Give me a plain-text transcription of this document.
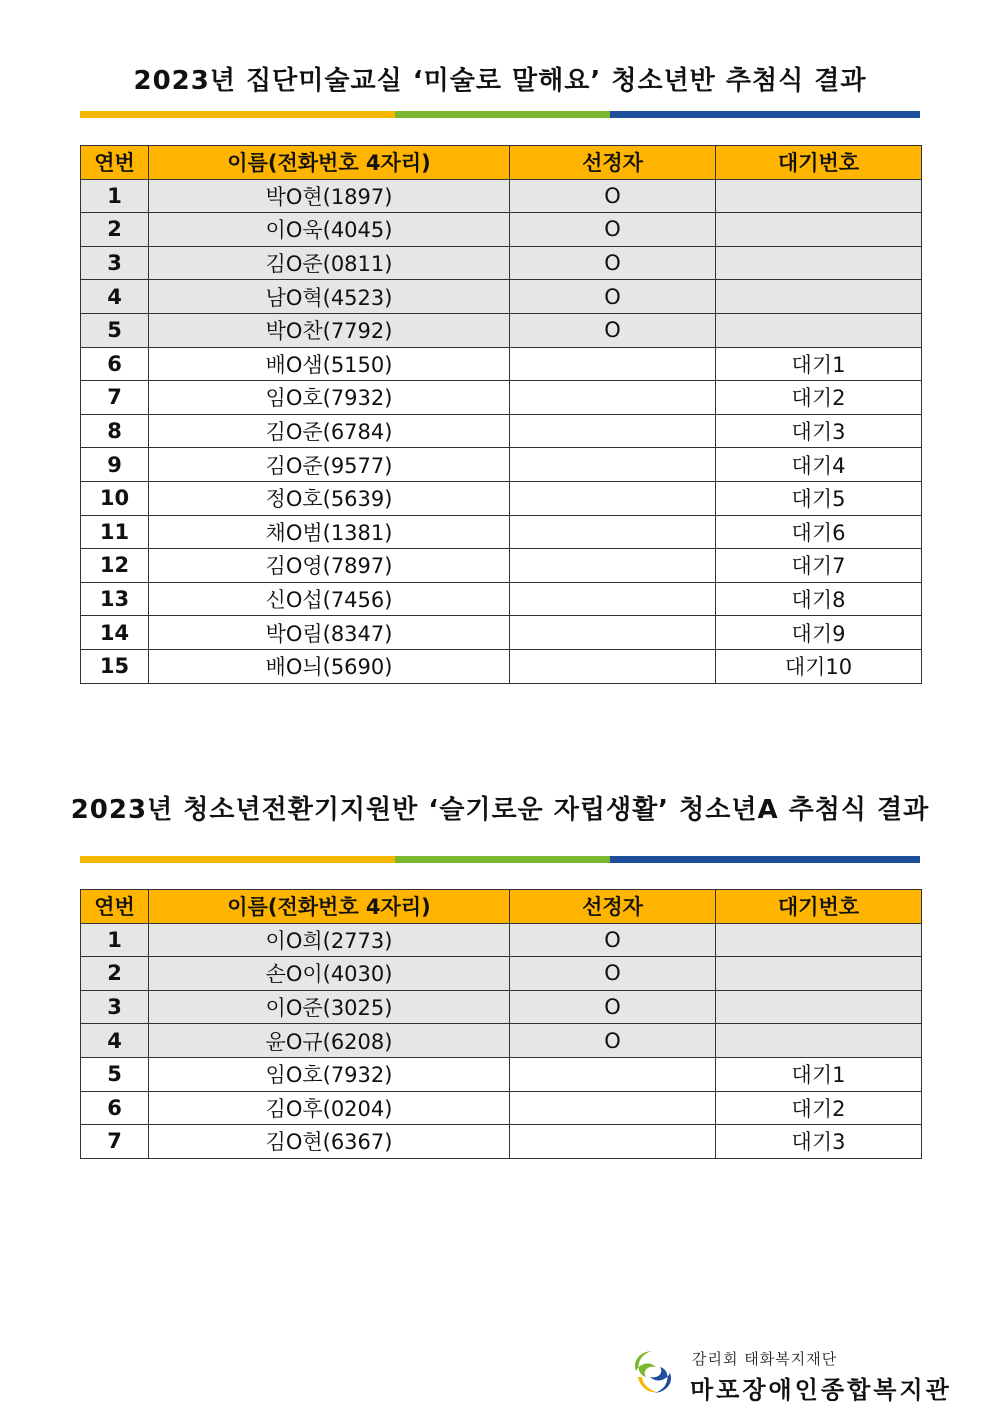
2023년 집단미술교실 ‘미술로 말해요’ 청소년반 추첨식 결과
연번	이름(전화번호 4자리)	선정자	대기번호
1	박O현(1897)	O	
2	이O욱(4045)	O	
3	김O준(0811)	O	
4	남O혁(4523)	O	
5	박O찬(7792)	O	
6	배O샘(5150)		대기1
7	임O호(7932)		대기2
8	김O준(6784)		대기3
9	김O준(9577)		대기4
10	정O호(5639)		대기5
11	채O범(1381)		대기6
12	김O영(7897)		대기7
13	신O섭(7456)		대기8
14	박O림(8347)		대기9
15	배O늬(5690)		대기10
2023년 청소년전환기지원반 ‘슬기로운 자립생활’ 청소년A 추첨식 결과
연번	이름(전화번호 4자리)	선정자	대기번호
1	이O희(2773)	O	
2	손O이(4030)	O	
3	이O준(3025)	O	
4	윤O규(6208)	O	
5	임O호(7932)		대기1
6	김O후(0204)		대기2
7	김O현(6367)		대기3
감리회 태화복지재단
마포장애인종합복지관
